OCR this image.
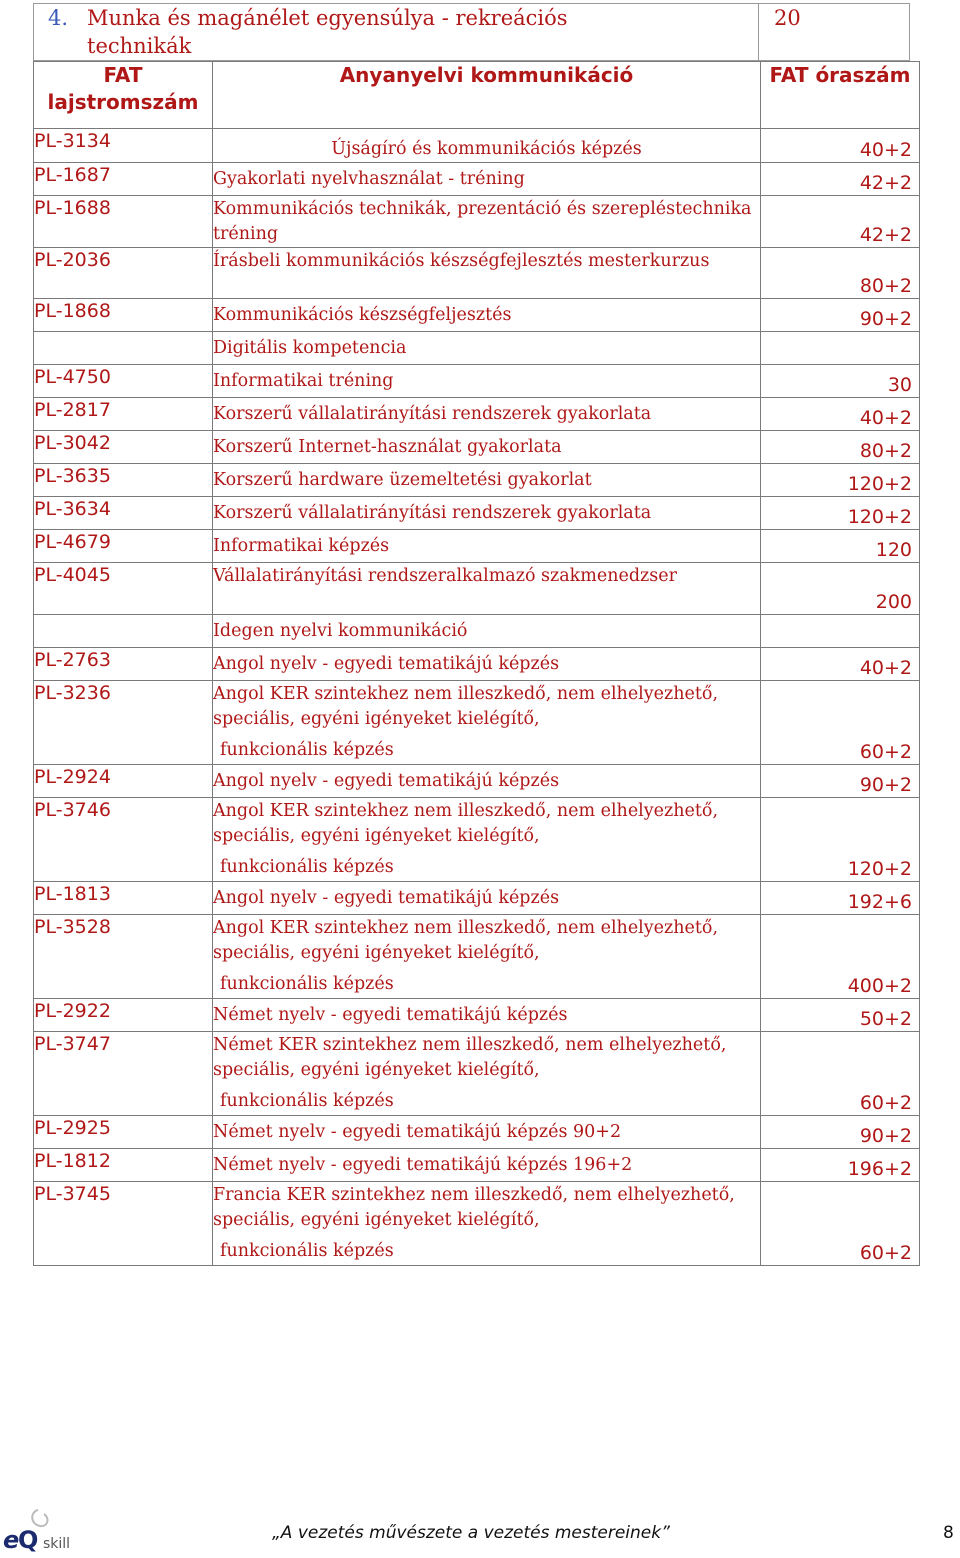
4. Munka és magánélet egyensúlya - rekreációs technikák
20
FAT lajstromszám	Anyanyelvi kommunikáció	FAT óraszám
PL-3134	Újságíró és kommunikációs képzés	40+2

PL-1687	Gyakorlati nyelvhasználat - tréning	42+2

PL-1688	Kommunikációs technikák, prezentáció és szerepléstechnika tréning	42+2

PL-2036	Írásbeli kommunikációs készségfejlesztés mesterkurzus	80+2

PL-1868	Kommunikációs készségfeljesztés	90+2

	Digitális kompetencia	

PL-4750	Informatikai tréning	30

PL-2817	Korszerű vállalatirányítási rendszerek gyakorlata	40+2

PL-3042	Korszerű Internet-használat gyakorlata	80+2

PL-3635	Korszerű hardware üzemeltetési gyakorlat	120+2

PL-3634	Korszerű vállalatirányítási rendszerek gyakorlata	120+2

PL-4679	Informatikai képzés	120

PL-4045	Vállalatirányítási rendszeralkalmazó szakmenedzser	200

	Idegen nyelvi kommunikáció	

PL-2763	Angol nyelv - egyedi tematikájú képzés	40+2

PL-3236	Angol KER szintekhez nem illeszkedő, nem elhelyezhető, speciális, egyéni igényeket kielégítő,
funkcionális képzés	60+2

PL-2924	Angol nyelv - egyedi tematikájú képzés	90+2

PL-3746	Angol KER szintekhez nem illeszkedő, nem elhelyezhető, speciális, egyéni igényeket kielégítő,
funkcionális képzés	120+2

PL-1813	Angol nyelv - egyedi tematikájú képzés	192+6

PL-3528	Angol KER szintekhez nem illeszkedő, nem elhelyezhető, speciális, egyéni igényeket kielégítő,
funkcionális képzés	400+2

PL-2922	Német nyelv - egyedi tematikájú képzés	50+2

PL-3747	Német KER szintekhez nem illeszkedő, nem elhelyezhető, speciális, egyéni igényeket kielégítő,
funkcionális képzés	60+2

PL-2925	Német nyelv - egyedi tematikájú képzés 90+2	90+2

PL-1812	Német nyelv - egyedi tematikájú képzés 196+2	196+2

PL-3745	Francia KER szintekhez nem illeszkedő, nem elhelyezhető, speciális, egyéni igényeket kielégítő,
funkcionális képzés	60+2
e
Q skill
„A vezetés művészete a vezetés mestereinek”	8
